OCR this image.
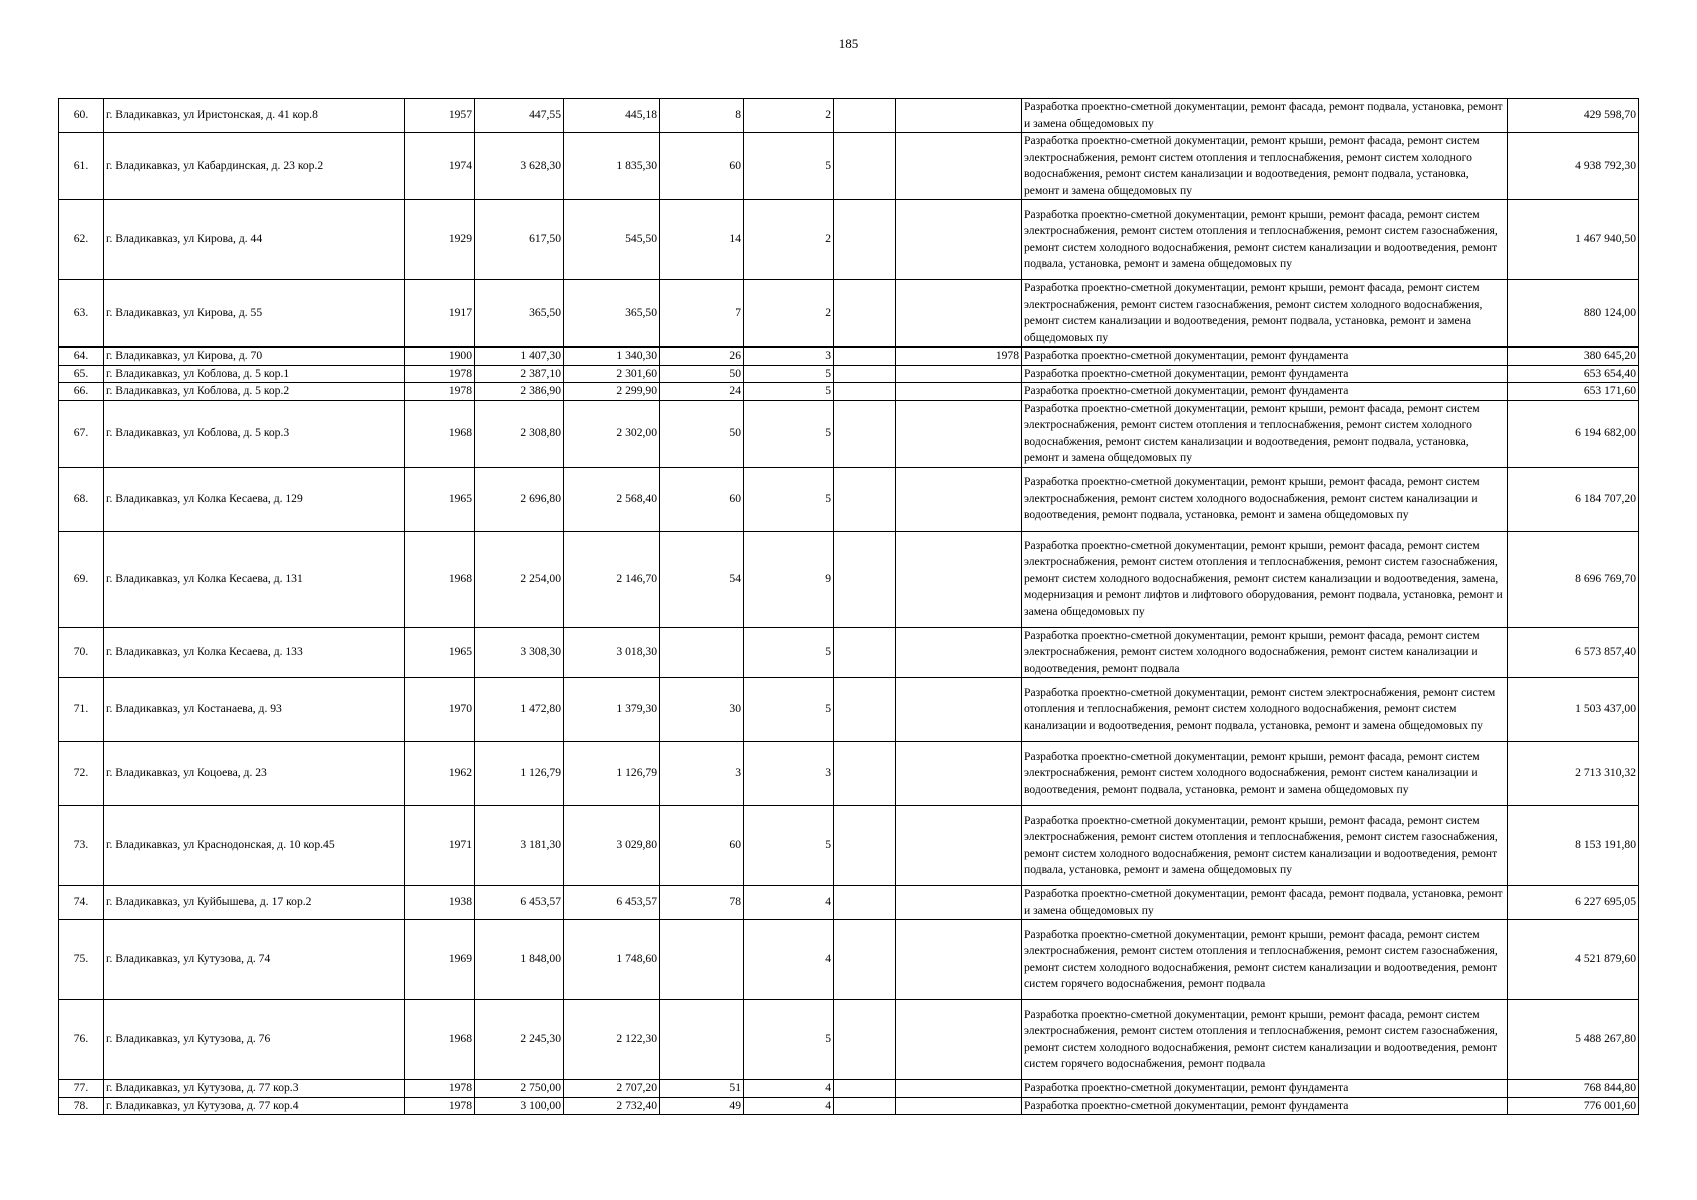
185
60.	г. Владикавказ, ул Иристонская, д. 41 кор.8	1957	447,55	445,18	8	2			Разработка проектно-сметной документации, ремонт фасада, ремонт подвала, установка, ремонт и замена общедомовых пу	429 598,70
61.	г. Владикавказ, ул Кабардинская, д. 23 кор.2	1974	3 628,30	1 835,30	60	5			Разработка проектно-сметной документации, ремонт крыши, ремонт фасада, ремонт систем электроснабжения, ремонт систем отопления и теплоснабжения, ремонт систем холодного водоснабжения, ремонт систем канализации и водоотведения, ремонт подвала, установка, ремонт и замена общедомовых пу	4 938 792,30
62.	г. Владикавказ, ул Кирова, д. 44	1929	617,50	545,50	14	2			Разработка проектно-сметной документации, ремонт крыши, ремонт фасада, ремонт систем электроснабжения, ремонт систем отопления и теплоснабжения, ремонт систем газоснабжения, ремонт систем холодного водоснабжения, ремонт систем канализации и водоотведения, ремонт подвала, установка, ремонт и замена общедомовых пу	1 467 940,50
63.	г. Владикавказ, ул Кирова, д. 55	1917	365,50	365,50	7	2			Разработка проектно-сметной документации, ремонт крыши, ремонт фасада, ремонт систем электроснабжения, ремонт систем газоснабжения, ремонт систем холодного водоснабжения, ремонт систем канализации и водоотведения, ремонт подвала, установка, ремонт и замена общедомовых пу	880 124,00
64.	г. Владикавказ, ул Кирова, д. 70	1900	1 407,30	1 340,30	26	3		1978	Разработка проектно-сметной документации, ремонт фундамента	380 645,20
65.	г. Владикавказ, ул Коблова, д. 5 кор.1	1978	2 387,10	2 301,60	50	5			Разработка проектно-сметной документации, ремонт фундамента	653 654,40
66.	г. Владикавказ, ул Коблова, д. 5 кор.2	1978	2 386,90	2 299,90	24	5			Разработка проектно-сметной документации, ремонт фундамента	653 171,60
67.	г. Владикавказ, ул Коблова, д. 5 кор.3	1968	2 308,80	2 302,00	50	5			Разработка проектно-сметной документации, ремонт крыши, ремонт фасада, ремонт систем электроснабжения, ремонт систем отопления и теплоснабжения, ремонт систем холодного водоснабжения, ремонт систем канализации и водоотведения, ремонт подвала, установка, ремонт и замена общедомовых пу	6 194 682,00
68.	г. Владикавказ, ул Колка Кесаева, д. 129	1965	2 696,80	2 568,40	60	5			Разработка проектно-сметной документации, ремонт крыши, ремонт фасада, ремонт систем электроснабжения, ремонт систем холодного водоснабжения, ремонт систем канализации и водоотведения, ремонт подвала, установка, ремонт и замена общедомовых пу	6 184 707,20
69.	г. Владикавказ, ул Колка Кесаева, д. 131	1968	2 254,00	2 146,70	54	9			Разработка проектно-сметной документации, ремонт крыши, ремонт фасада, ремонт систем электроснабжения, ремонт систем отопления и теплоснабжения, ремонт систем газоснабжения, ремонт систем холодного водоснабжения, ремонт систем канализации и водоотведения, замена, модернизация и ремонт лифтов и лифтового оборудования, ремонт подвала, установка, ремонт и замена общедомовых пу	8 696 769,70
70.	г. Владикавказ, ул Колка Кесаева, д. 133	1965	3 308,30	3 018,30		5			Разработка проектно-сметной документации, ремонт крыши, ремонт фасада, ремонт систем электроснабжения, ремонт систем холодного водоснабжения, ремонт систем канализации и водоотведения, ремонт подвала	6 573 857,40
71.	г. Владикавказ, ул Костанаева, д. 93	1970	1 472,80	1 379,30	30	5			Разработка проектно-сметной документации, ремонт систем электроснабжения, ремонт систем отопления и теплоснабжения, ремонт систем холодного водоснабжения, ремонт систем канализации и водоотведения, ремонт подвала, установка, ремонт и замена общедомовых пу	1 503 437,00
72.	г. Владикавказ, ул Коцоева, д. 23	1962	1 126,79	1 126,79	3	3			Разработка проектно-сметной документации, ремонт крыши, ремонт фасада, ремонт систем электроснабжения, ремонт систем холодного водоснабжения, ремонт систем канализации и водоотведения, ремонт подвала, установка, ремонт и замена общедомовых пу	2 713 310,32
73.	г. Владикавказ, ул Краснодонская, д. 10 кор.45	1971	3 181,30	3 029,80	60	5			Разработка проектно-сметной документации, ремонт крыши, ремонт фасада, ремонт систем электроснабжения, ремонт систем отопления и теплоснабжения, ремонт систем газоснабжения, ремонт систем холодного водоснабжения, ремонт систем канализации и водоотведения, ремонт подвала, установка, ремонт и замена общедомовых пу	8 153 191,80
74.	г. Владикавказ, ул Куйбышева, д. 17 кор.2	1938	6 453,57	6 453,57	78	4			Разработка проектно-сметной документации, ремонт фасада, ремонт подвала, установка, ремонт и замена общедомовых пу	6 227 695,05
75.	г. Владикавказ, ул Кутузова, д. 74	1969	1 848,00	1 748,60		4			Разработка проектно-сметной документации, ремонт крыши, ремонт фасада, ремонт систем электроснабжения, ремонт систем отопления и теплоснабжения, ремонт систем газоснабжения, ремонт систем холодного водоснабжения, ремонт систем канализации и водоотведения, ремонт систем горячего водоснабжения, ремонт подвала	4 521 879,60
76.	г. Владикавказ, ул Кутузова, д. 76	1968	2 245,30	2 122,30		5			Разработка проектно-сметной документации, ремонт крыши, ремонт фасада, ремонт систем электроснабжения, ремонт систем отопления и теплоснабжения, ремонт систем газоснабжения, ремонт систем холодного водоснабжения, ремонт систем канализации и водоотведения, ремонт систем горячего водоснабжения, ремонт подвала	5 488 267,80
77.	г. Владикавказ, ул Кутузова, д. 77 кор.3	1978	2 750,00	2 707,20	51	4			Разработка проектно-сметной документации, ремонт фундамента	768 844,80
78.	г. Владикавказ, ул Кутузова, д. 77 кор.4	1978	3 100,00	2 732,40	49	4			Разработка проектно-сметной документации, ремонт фундамента	776 001,60
